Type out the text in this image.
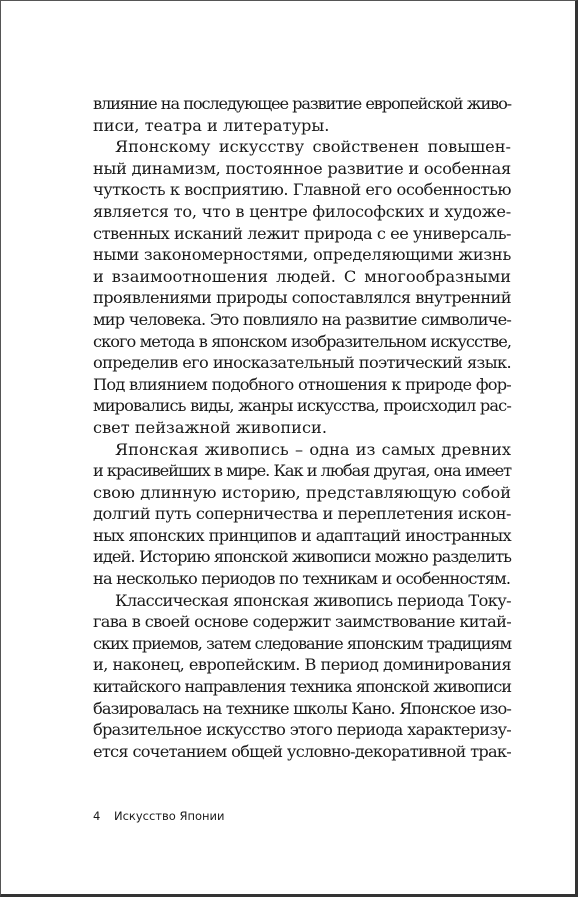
влияние на последующее развитие европейской живо-
писи, театра и литературы.
Японскому искусству свойственен повышен-
ный динамизм, постоянное развитие и особенная
чуткость к восприятию. Главной его особенностью
является то, что в центре философских и художе-
ственных исканий лежит природа с ее универсаль-
ными закономерностями, определяющими жизнь
и взаимоотношения людей. С многообразными
проявлениями природы сопоставлялся внутренний
мир человека. Это повлияло на развитие символиче-
ского метода в японском изобразительном искусстве,
определив его иносказательный поэтический язык.
Под влиянием подобного отношения к природе фор-
мировались виды, жанры искусства, происходил рас-
свет пейзажной живописи.
Японская живопись – одна из самых древних
и красивейших в мире. Как и любая другая, она имеет
свою длинную историю, представляющую собой
долгий путь соперничества и переплетения искон-
ных японских принципов и адаптаций иностранных
идей. Историю японской живописи можно разделить
на несколько периодов по техникам и особенностям.
Классическая японская живопись периода Току-
гава в своей основе содержит заимствование китай-
ских приемов, затем следование японским традициям
и, наконец, европейским. В период доминирования
китайского направления техника японской живописи
базировалась на технике школы Кано. Японское изо-
бразительное искусство этого периода характеризу-
ется сочетанием общей условно-декоративной трак-
4 Искусство Японии
